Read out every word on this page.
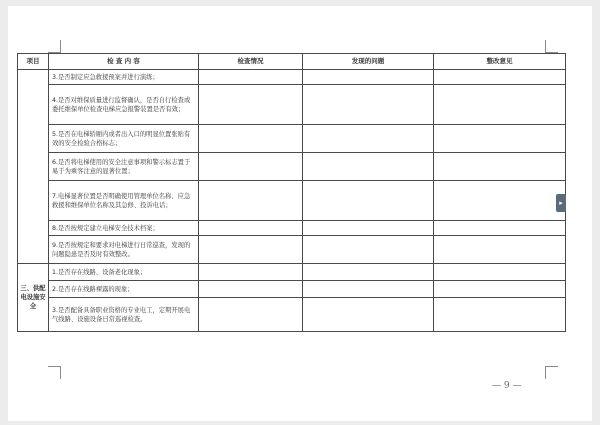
项目	检 查 内 容	检查情况	发现的问题	整改意见
	3.是否制定应急救援预案并进行演练；			
	4.是否对维保质量进行监督确认，是否自行检查或委托维保单位检查电梯应急报警装置是否有效；			
	5.是否在电梯轿厢内或者出入口的明显位置张贴有效的安全检验合格标志；			
	6.是否将电梯使用的安全注意事项和警示标志置于易于为乘客注意的显著位置；			
	7.电梯显著位置是否明确使用管理单位名称、应急救援和维保单位名称及其急修、投诉电话；			
	8.是否按规定建立电梯安全技术档案；			
	9.是否按规定和要求对电梯进行日常巡查，发现的问题隐患是否及时有效整改。			
三、供配电设施安全	1.是否存在线路、设备老化现象；			
	2.是否存在线路裸露的现象；			
	3.是否配备具备职业资格的专业电工，定期开展电气线路、设施设备日常巡视检查。			
▸
— 9 —
